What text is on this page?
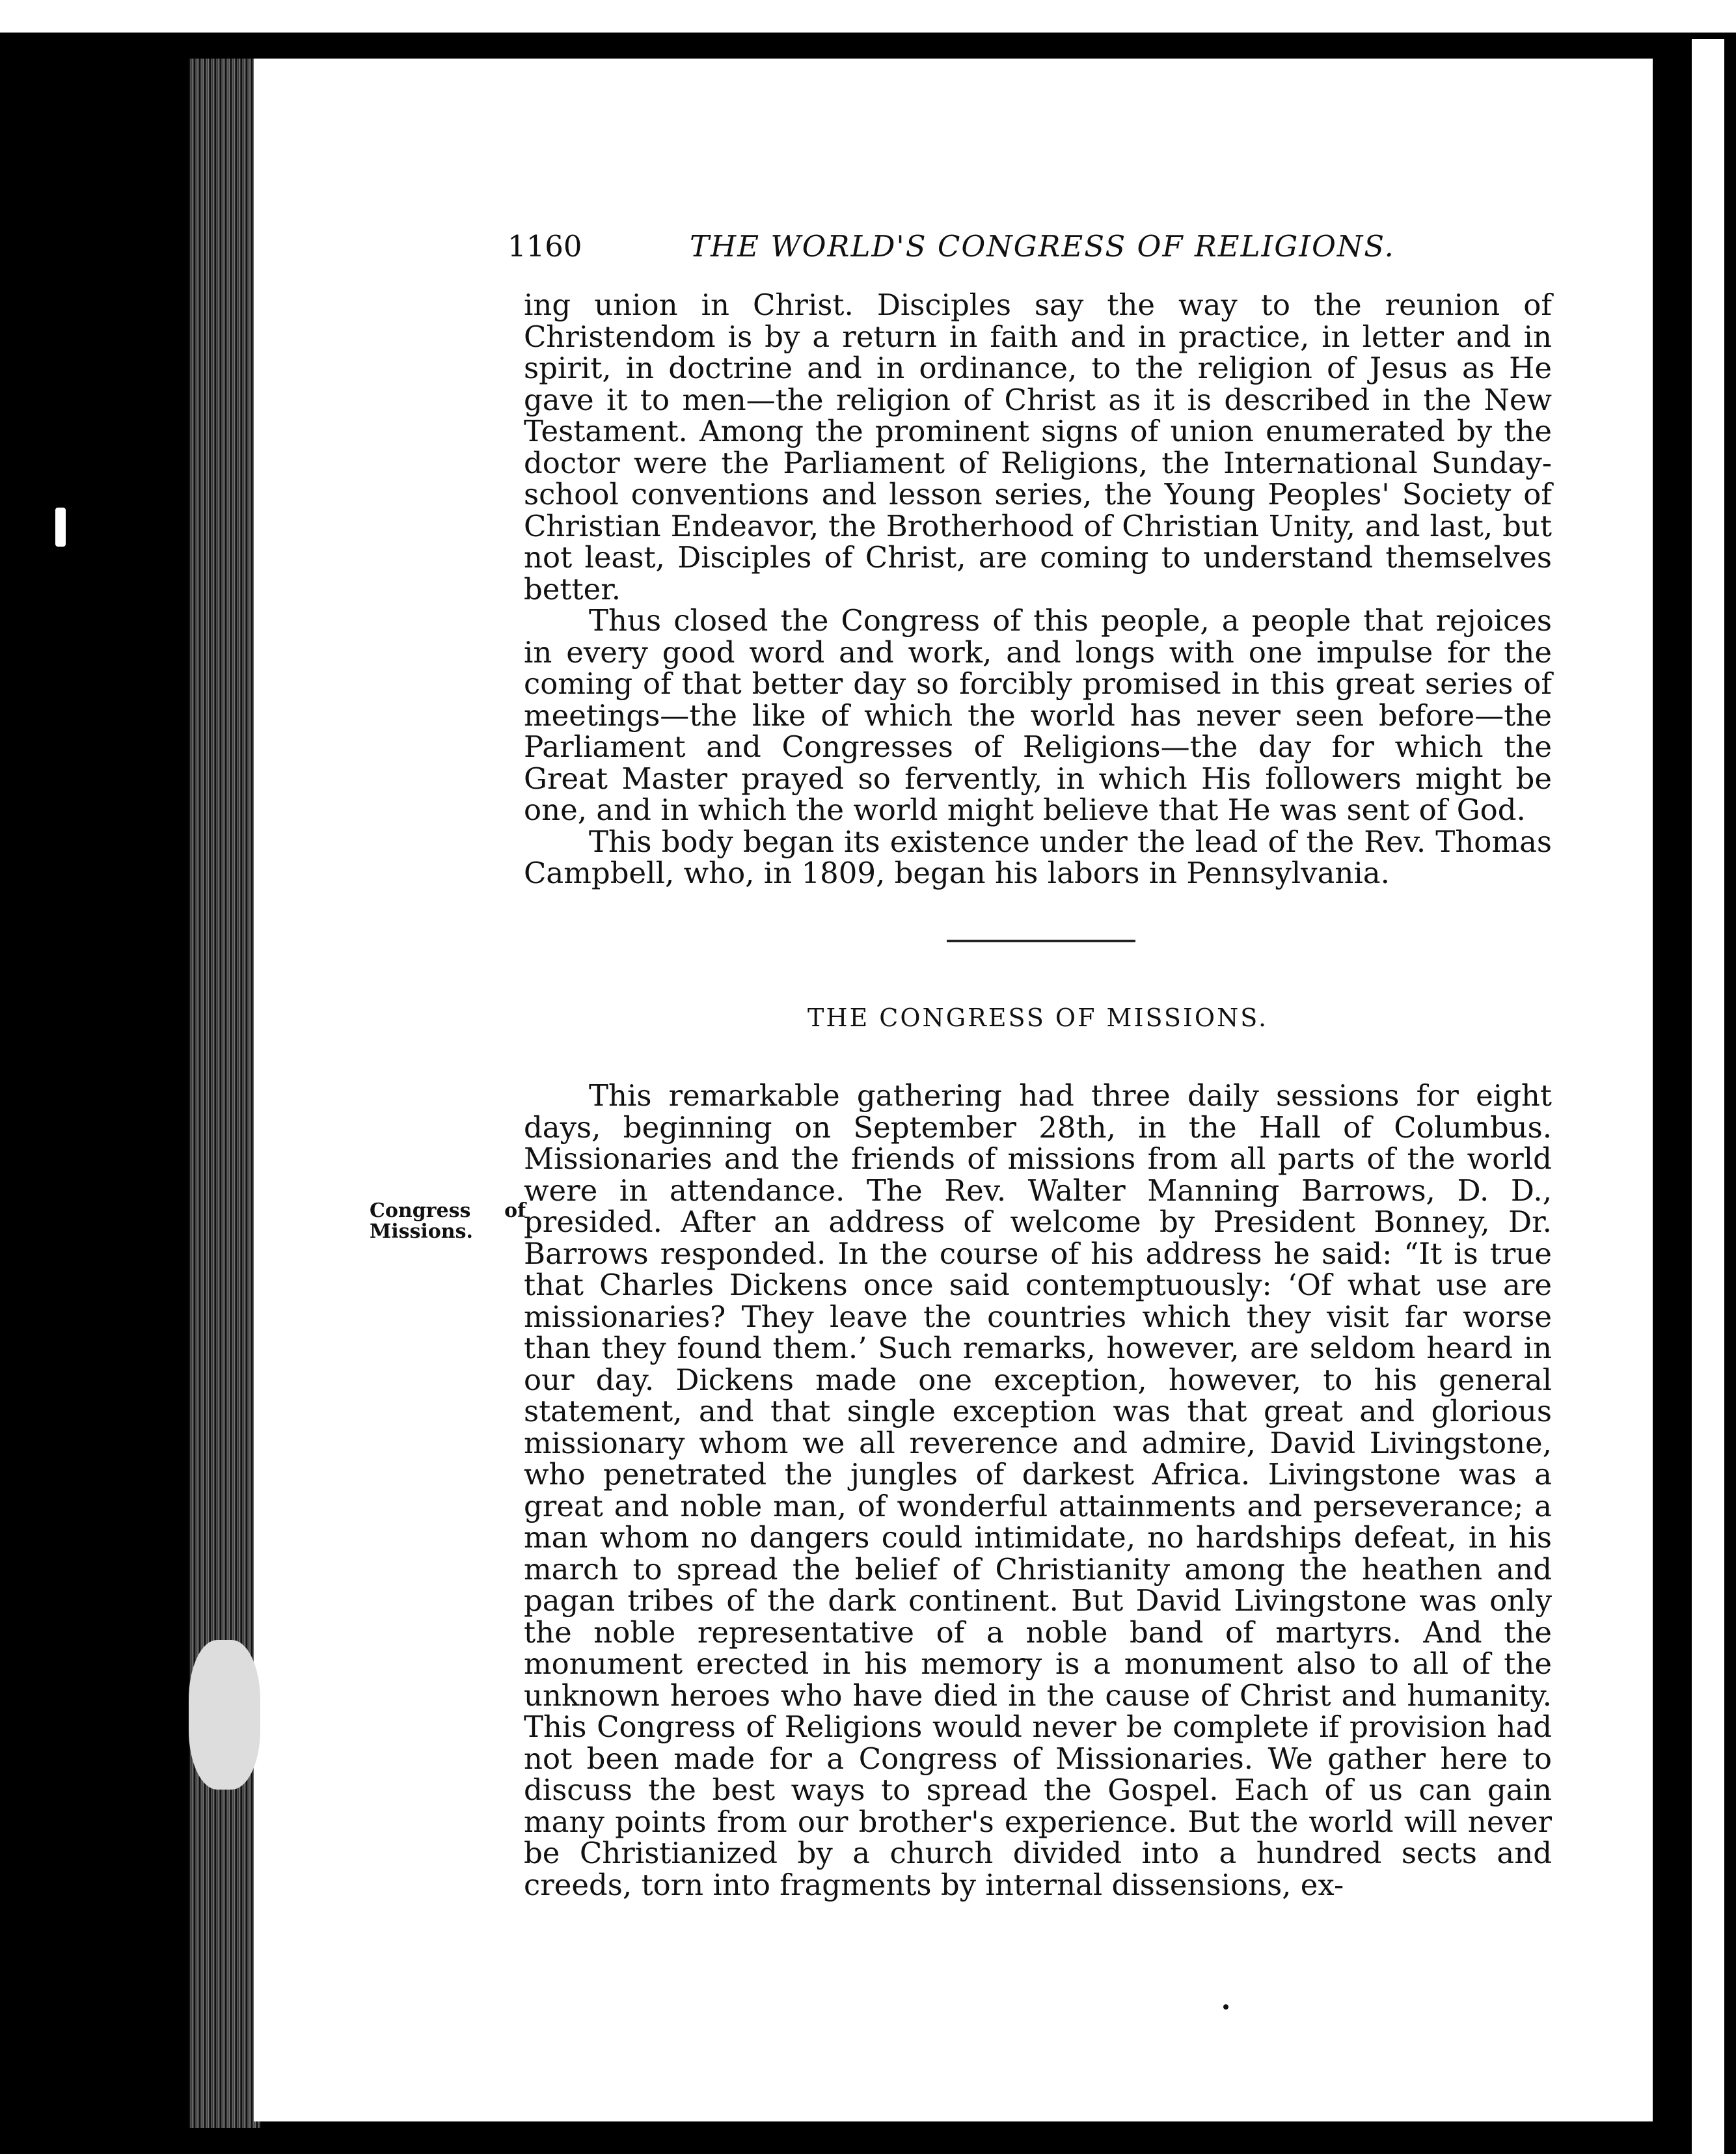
1160	THE WORLD'S CONGRESS OF RELIGIONS.

ing union in Christ. Disciples say the way to the reunion of Christendom is by a return in faith and in practice, in letter and in spirit, in doctrine and in ordinance, to the religion of Jesus as He gave it to men—the religion of Christ as it is described in the New Testament. Among the prominent signs of union enumerated by the doctor were the Parliament of Religions, the International Sunday-school conventions and lesson series, the Young Peoples' Society of Christian Endeavor, the Brotherhood of Christian Unity, and last, but not least, Disciples of Christ, are coming to understand themselves better.

Thus closed the Congress of this people, a people that rejoices in every good word and work, and longs with one impulse for the coming of that better day so forcibly promised in this great series of meetings—the like of which the world has never seen before—the Parliament and Congresses of Religions—the day for which the Great Master prayed so fervently, in which His followers might be one, and in which the world might believe that He was sent of God.

This body began its existence under the lead of the Rev. Thomas Campbell, who, in 1809, began his labors in Pennsylvania.

THE CONGRESS OF MISSIONS.
Congress of
Missions.

This remarkable gathering had three daily sessions for eight days, beginning on September 28th, in the Hall of Columbus. Missionaries and the friends of missions from all parts of the world were in attendance. The Rev. Walter Manning Barrows, D. D., presided. After an address of welcome by President Bonney, Dr. Barrows responded. In the course of his address he said: “It is true that Charles Dickens once said contemptuously: ‘Of what use are missionaries? They leave the countries which they visit far worse than they found them.’ Such remarks, however, are seldom heard in our day. Dickens made one exception, however, to his general statement, and that single exception was that great and glorious missionary whom we all reverence and admire, David Livingstone, who penetrated the jungles of darkest Africa. Livingstone was a great and noble man, of wonderful attainments and perseverance; a man whom no dangers could intimidate, no hardships defeat, in his march to spread the belief of Christianity among the heathen and pagan tribes of the dark continent. But David Livingstone was only the noble representative of a noble band of martyrs. And the monument erected in his memory is a monument also to all of the unknown heroes who have died in the cause of Christ and humanity. This Congress of Religions would never be complete if provision had not been made for a Congress of Missionaries. We gather here to discuss the best ways to spread the Gospel. Each of us can gain many points from our brother's experience. But the world will never be Christianized by a church divided into a hundred sects and creeds, torn into fragments by internal dissensions, ex-
